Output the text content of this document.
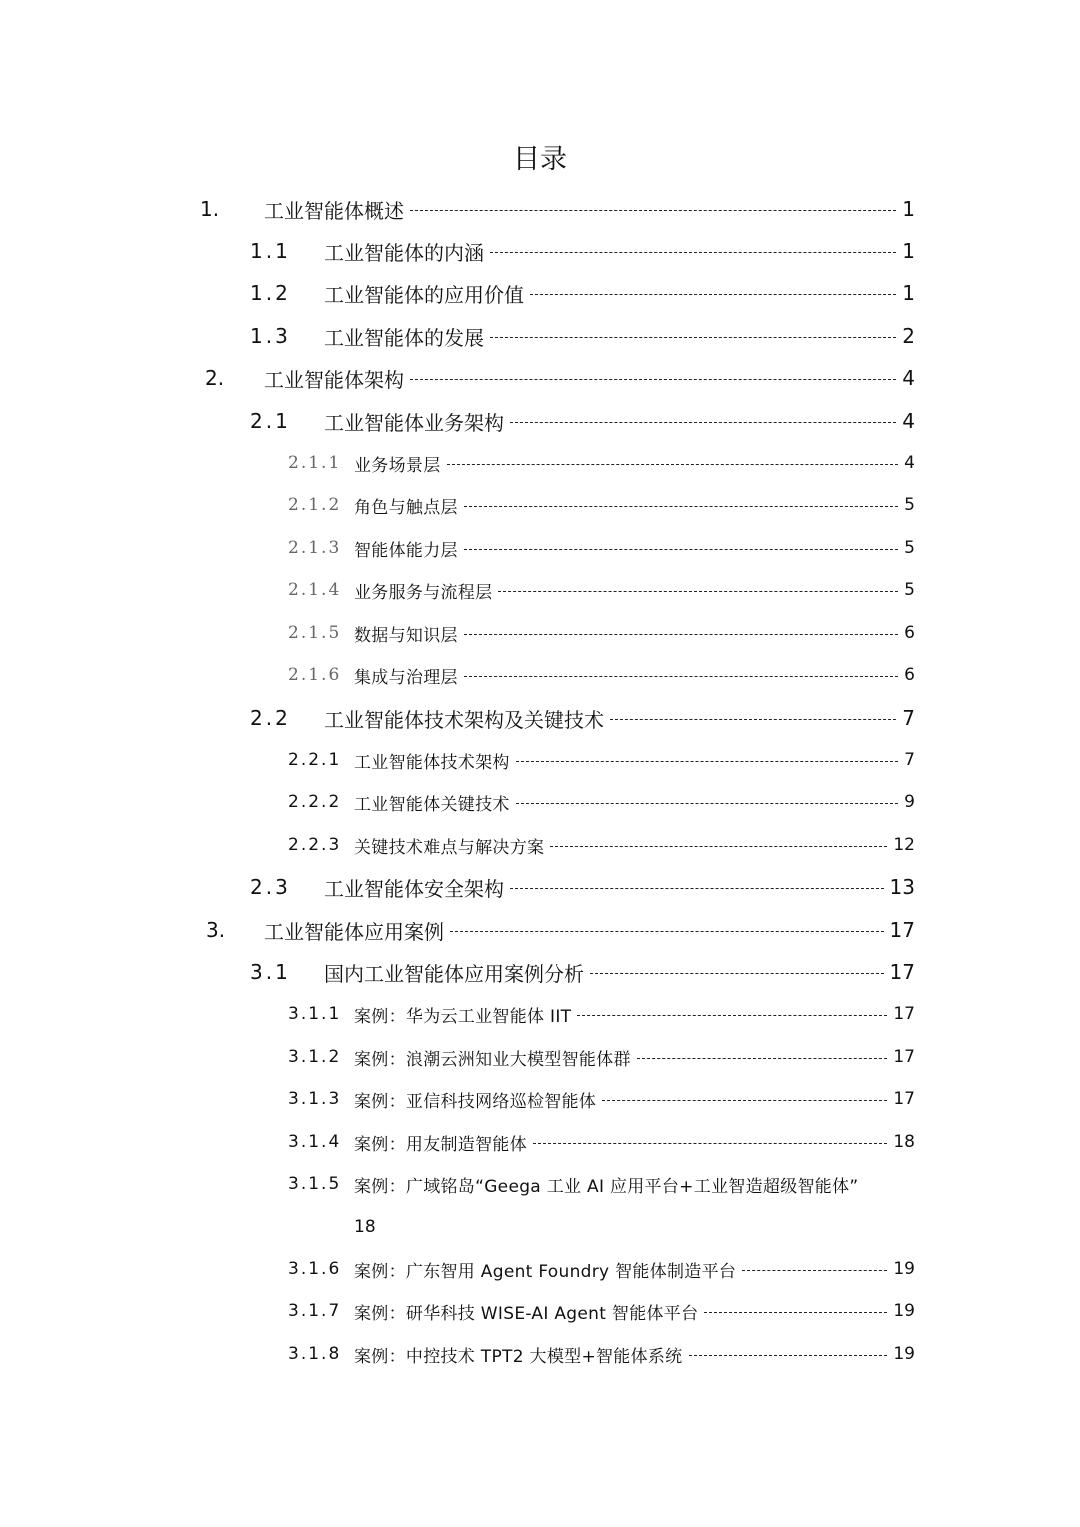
目录
1.	工业智能体概述	1
1.1	工业智能体的内涵	1
1.2	工业智能体的应用价值	1
1.3	工业智能体的发展	2
2.	工业智能体架构	4
2.1	工业智能体业务架构	4
2.1.1 业务场景层	4
2.1.2 角色与触点层	5
2.1.3 智能体能力层	5
2.1.4 业务服务与流程层	5
2.1.5 数据与知识层	6
2.1.6 集成与治理层	6
2.2	工业智能体技术架构及关键技术	7
2.2.1 工业智能体技术架构	7
2.2.2 工业智能体关键技术	9
2.2.3 关键技术难点与解决方案	12
2.3	工业智能体安全架构	13
3.	工业智能体应用案例	17
3.1	国内工业智能体应用案例分析	17
3.1.1 案例：华为云工业智能体 IIT	17
3.1.2 案例：浪潮云洲知业大模型智能体群	17
3.1.3 案例：亚信科技网络巡检智能体	17
3.1.4 案例：用友制造智能体	18
3.1.5 案例：广域铭岛“Geega 工业 AI 应用平台+工业智造超级智能体”
18
3.1.6 案例：广东智用 Agent Foundry 智能体制造平台	19
3.1.7 案例：研华科技 WISE-AI Agent 智能体平台	19
3.1.8 案例：中控技术 TPT2 大模型+智能体系统	19
